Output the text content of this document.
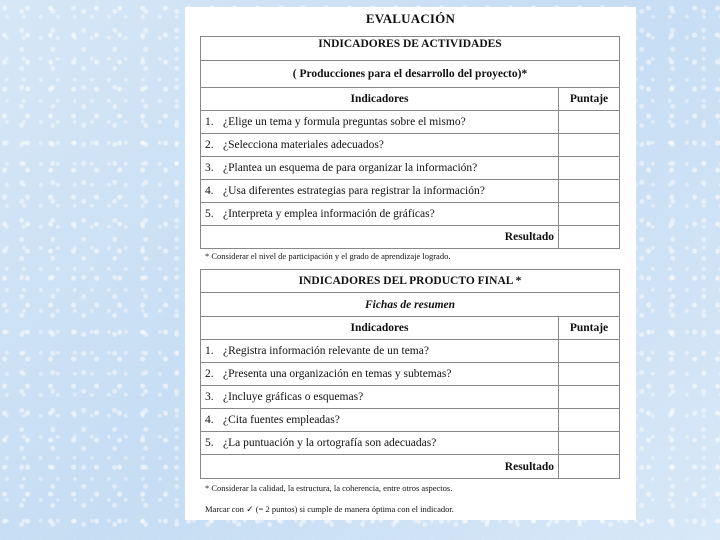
EVALUACIÓN
INDICADORES DE ACTIVIDADES	
( Producciones para el desarrollo del proyecto)*	
Indicadores	Puntaje
1. ¿Elige un tema y formula preguntas sobre el mismo?	
2. ¿Selecciona materiales adecuados?	
3. ¿Plantea un esquema de para organizar la información?	
4. ¿Usa diferentes estrategias para registrar la información?	
5. ¿Interpreta y emplea información de gráficas?	
Resultado	
* Considerar el nivel de participación y el grado de aprendizaje logrado.
INDICADORES DEL PRODUCTO FINAL *	
Fichas de resumen	
Indicadores	Puntaje
1. ¿Registra información relevante de un tema?	
2. ¿Presenta una organización en temas y subtemas?	
3. ¿Incluye gráficas o esquemas?	
4. ¿Cita fuentes empleadas?	
5. ¿La puntuación y la ortografía son adecuadas?	
Resultado	
* Considerar la calidad, la estructura, la coherencia, entre otros aspectos.
Marcar con ✓ (= 2 puntos) si cumple de manera óptima con el indicador.
